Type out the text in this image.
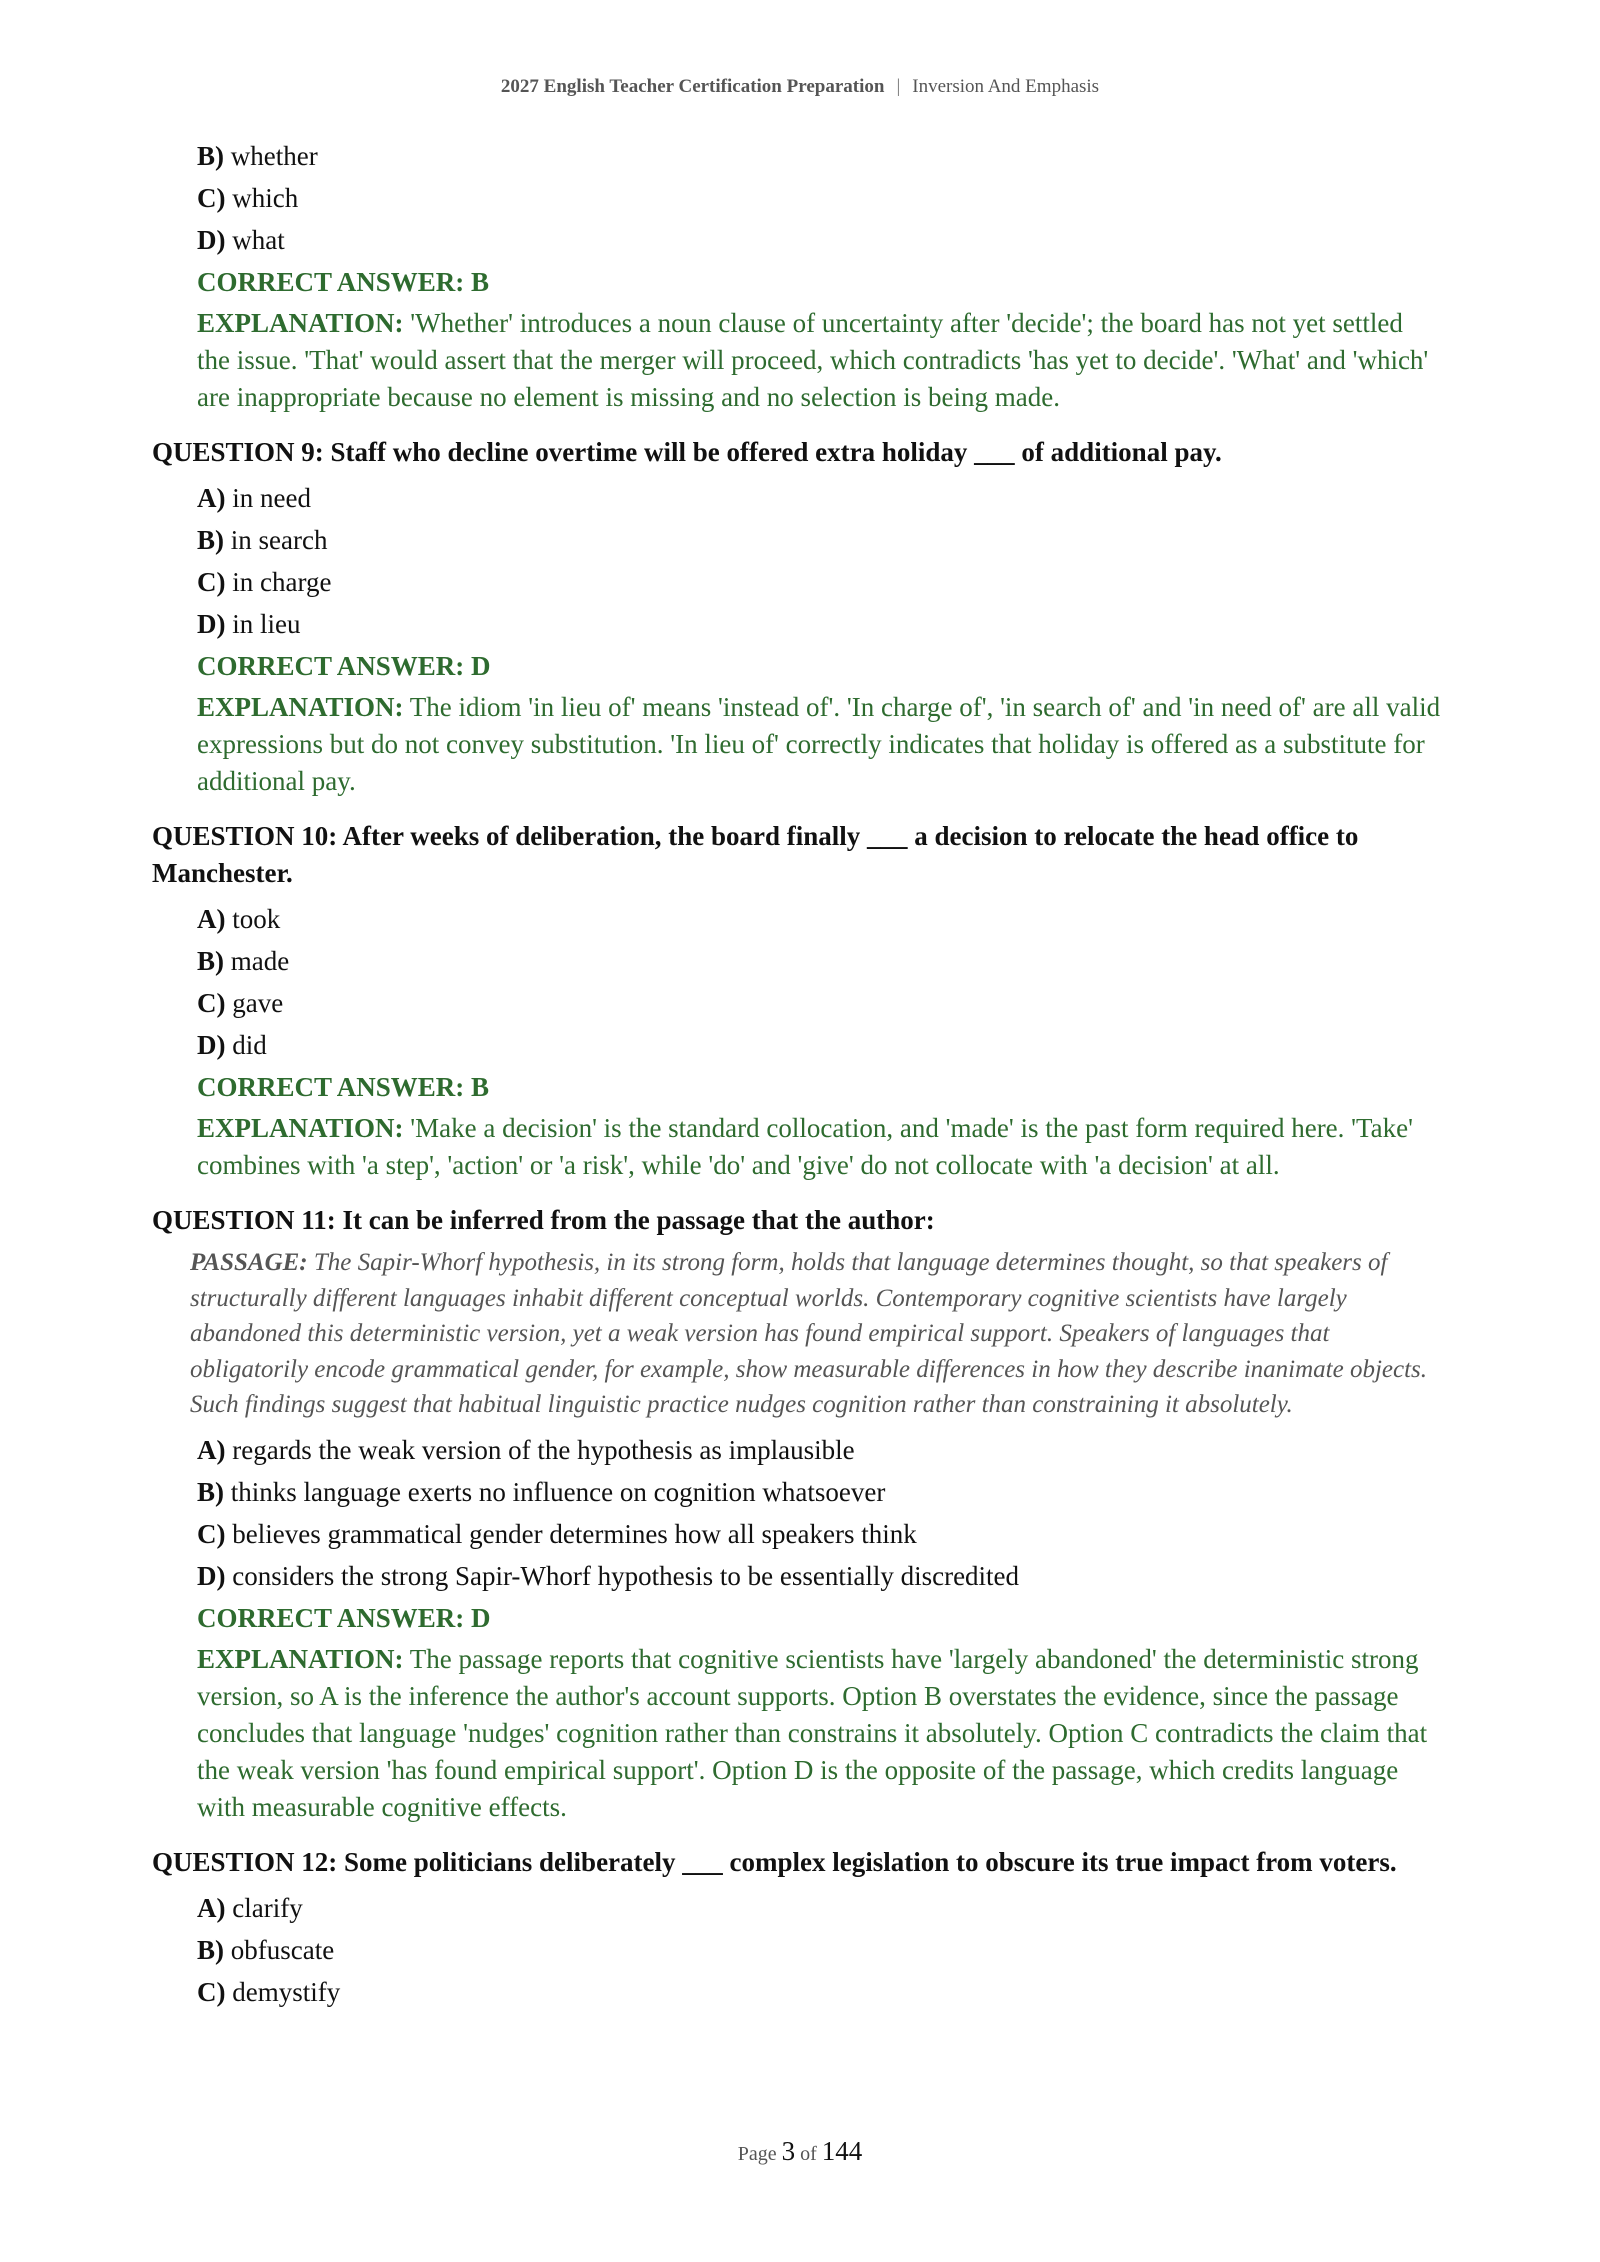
2027 English Teacher Certification Preparation | Inversion And Emphasis
B) whether
C) which
D) what
CORRECT ANSWER: B
EXPLANATION: 'Whether' introduces a noun clause of uncertainty after 'decide'; the board has not yet settled the issue. 'That' would assert that the merger will proceed, which contradicts 'has yet to decide'. 'What' and 'which' are inappropriate because no element is missing and no selection is being made.
QUESTION 9: Staff who decline overtime will be offered extra holiday ___ of additional pay.
A) in need
B) in search
C) in charge
D) in lieu
CORRECT ANSWER: D
EXPLANATION: The idiom 'in lieu of' means 'instead of'. 'In charge of', 'in search of' and 'in need of' are all valid expressions but do not convey substitution. 'In lieu of' correctly indicates that holiday is offered as a substitute for additional pay.
QUESTION 10: After weeks of deliberation, the board finally ___ a decision to relocate the head office to Manchester.
A) took
B) made
C) gave
D) did
CORRECT ANSWER: B
EXPLANATION: 'Make a decision' is the standard collocation, and 'made' is the past form required here. 'Take' combines with 'a step', 'action' or 'a risk', while 'do' and 'give' do not collocate with 'a decision' at all.
QUESTION 11: It can be inferred from the passage that the author:
PASSAGE: The Sapir-Whorf hypothesis, in its strong form, holds that language determines thought, so that speakers of structurally different languages inhabit different conceptual worlds. Contemporary cognitive scientists have largely abandoned this deterministic version, yet a weak version has found empirical support. Speakers of languages that obligatorily encode grammatical gender, for example, show measurable differences in how they describe inanimate objects. Such findings suggest that habitual linguistic practice nudges cognition rather than constraining it absolutely.
A) regards the weak version of the hypothesis as implausible
B) thinks language exerts no influence on cognition whatsoever
C) believes grammatical gender determines how all speakers think
D) considers the strong Sapir-Whorf hypothesis to be essentially discredited
CORRECT ANSWER: D
EXPLANATION: The passage reports that cognitive scientists have 'largely abandoned' the deterministic strong version, so A is the inference the author's account supports. Option B overstates the evidence, since the passage concludes that language 'nudges' cognition rather than constrains it absolutely. Option C contradicts the claim that the weak version 'has found empirical support'. Option D is the opposite of the passage, which credits language with measurable cognitive effects.
QUESTION 12: Some politicians deliberately ___ complex legislation to obscure its true impact from voters.
A) clarify
B) obfuscate
C) demystify
Page 3 of 144
